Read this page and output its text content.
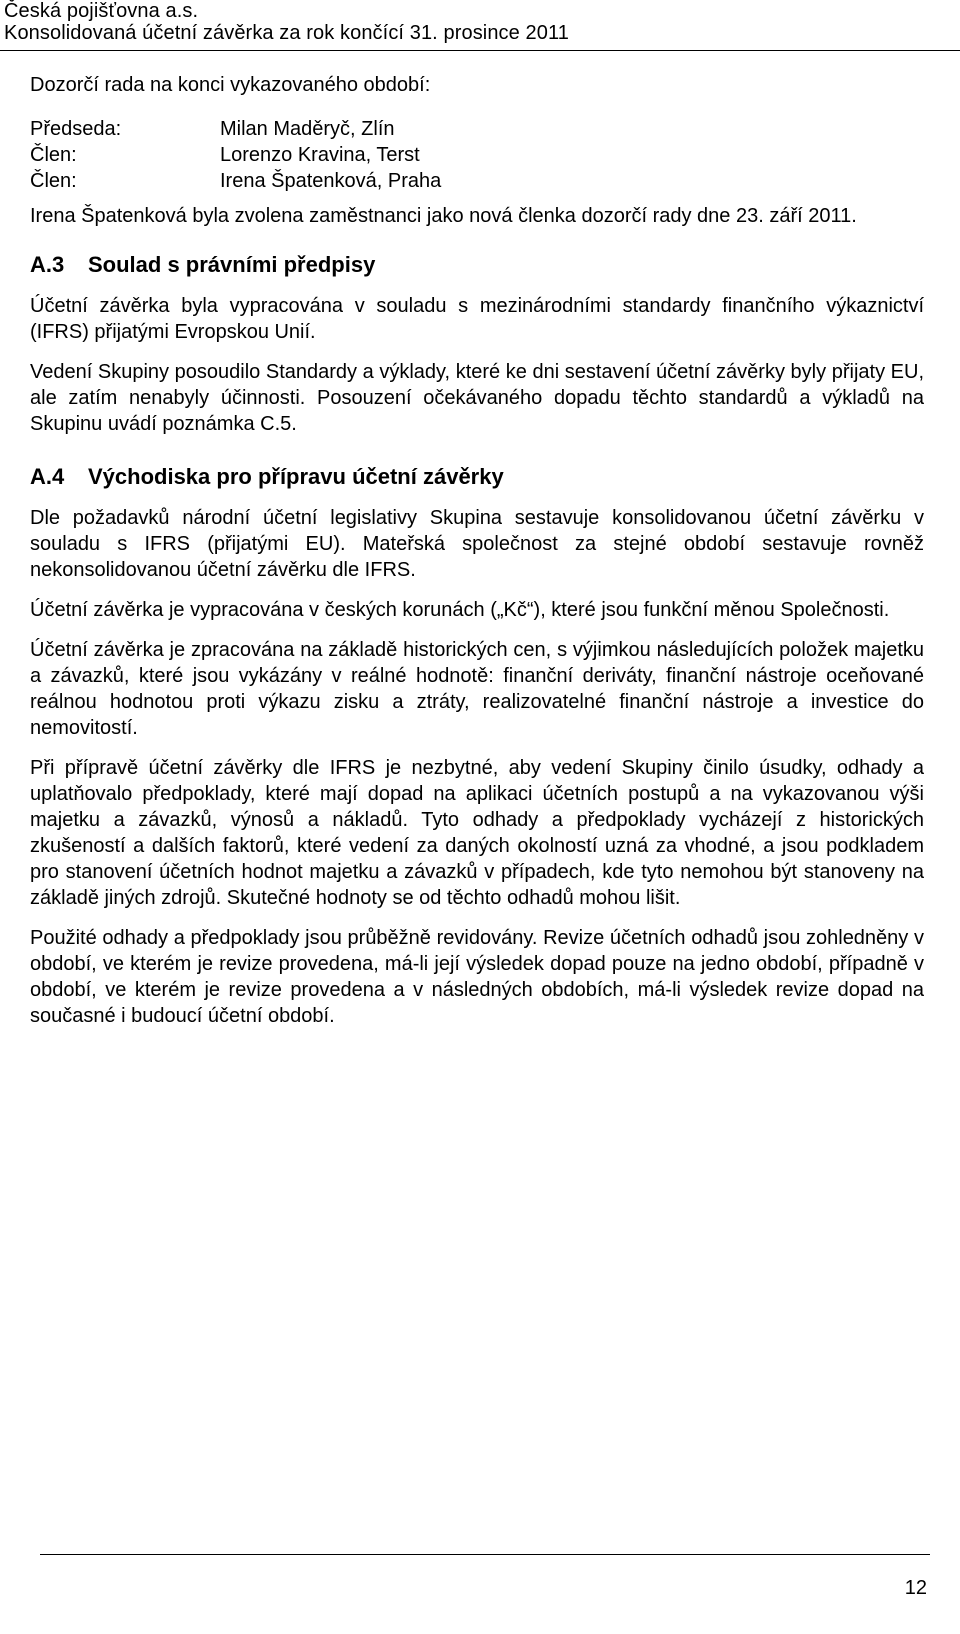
Česká pojišťovna a.s.
Konsolidovaná účetní závěrka za rok končící 31. prosince 2011

Dozorčí rada na konci vykazovaného období:

Předseda:	Milan Maděryč, Zlín
Člen:	Lorenzo Kravina, Terst
Člen:	Irena Špatenková, Praha

Irena Špatenková byla zvolena zaměstnanci jako nová členka dozorčí rady dne 23. září 2011.

A.3	Soulad s právními předpisy

Účetní závěrka byla vypracována v souladu s mezinárodními standardy finančního výkaznictví (IFRS) přijatými Evropskou Unií.

Vedení Skupiny posoudilo Standardy a výklady, které ke dni sestavení účetní závěrky byly přijaty EU, ale zatím nenabyly účinnosti. Posouzení očekávaného dopadu těchto standardů a výkladů na Skupinu uvádí poznámka C.5.

A.4	Východiska pro přípravu účetní závěrky

Dle požadavků národní účetní legislativy Skupina sestavuje konsolidovanou účetní závěrku v souladu s IFRS (přijatými EU). Mateřská společnost za stejné období sestavuje rovněž nekonsolidovanou účetní závěrku dle IFRS.

Účetní závěrka je vypracována v českých korunách („Kč“), které jsou funkční měnou Společnosti.

Účetní závěrka je zpracována na základě historických cen, s výjimkou následujících položek majetku a závazků, které jsou vykázány v reálné hodnotě: finanční deriváty, finanční nástroje oceňované reálnou hodnotou proti výkazu zisku a ztráty, realizovatelné finanční nástroje a investice do nemovitostí.

Při přípravě účetní závěrky dle IFRS je nezbytné, aby vedení Skupiny činilo úsudky, odhady a uplatňovalo předpoklady, které mají dopad na aplikaci účetních postupů a na vykazovanou výši majetku a závazků, výnosů a nákladů. Tyto odhady a předpoklady vycházejí z historických zkušeností a dalších faktorů, které vedení za daných okolností uzná za vhodné, a jsou podkladem pro stanovení účetních hodnot majetku a závazků v případech, kde tyto nemohou být stanoveny na základě jiných zdrojů. Skutečné hodnoty se od těchto odhadů mohou lišit.

Použité odhady a předpoklady jsou průběžně revidovány. Revize účetních odhadů jsou zohledněny v období, ve kterém je revize provedena, má-li její výsledek dopad pouze na jedno období, případně v období, ve kterém je revize provedena a v následných obdobích, má-li výsledek revize dopad na současné i budoucí účetní období.

12
